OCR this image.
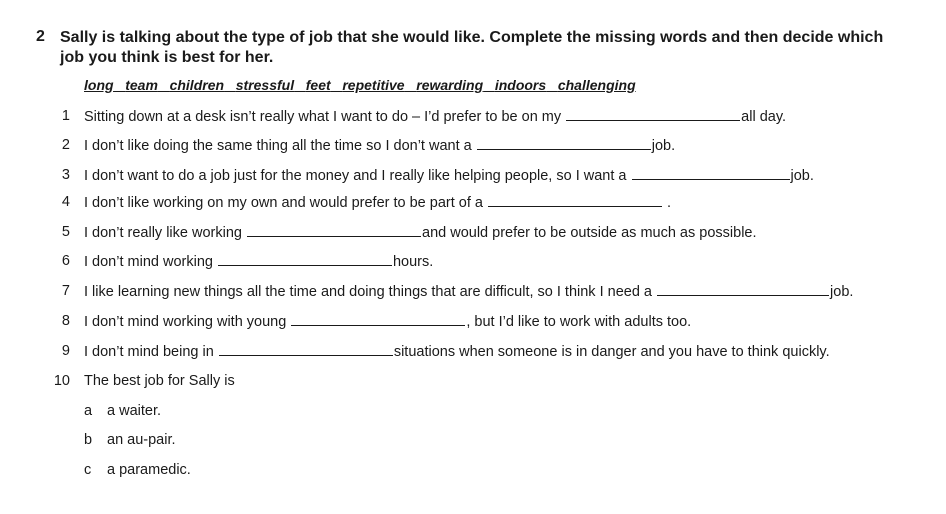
2 Sally is talking about the type of job that she would like. Complete the missing words and then decide which job you think is best for her.
long team children stressful feet repetitive rewarding indoors challenging
1 Sitting down at a desk isn’t really what I want to do – I’d prefer to be on my	all day.
2 I don’t like doing the same thing all the time so I don’t want a	job.
3 I don’t want to do a job just for the money and I really like helping people, so I want a	job.
4 I don’t like working on my own and would prefer to be part of a	.
5 I don’t really like working	and would prefer to be outside as much as possible.
6 I don’t mind working	hours.
7 I like learning new things all the time and doing things that are difficult, so I think I need a	job.
8 I don’t mind working with young	, but I’d like to work with adults too.
9 I don’t mind being in	situations when someone is in danger and you have to think quickly.
10 The best job for Sally is
a a waiter.
b an au-pair.
c a paramedic.
